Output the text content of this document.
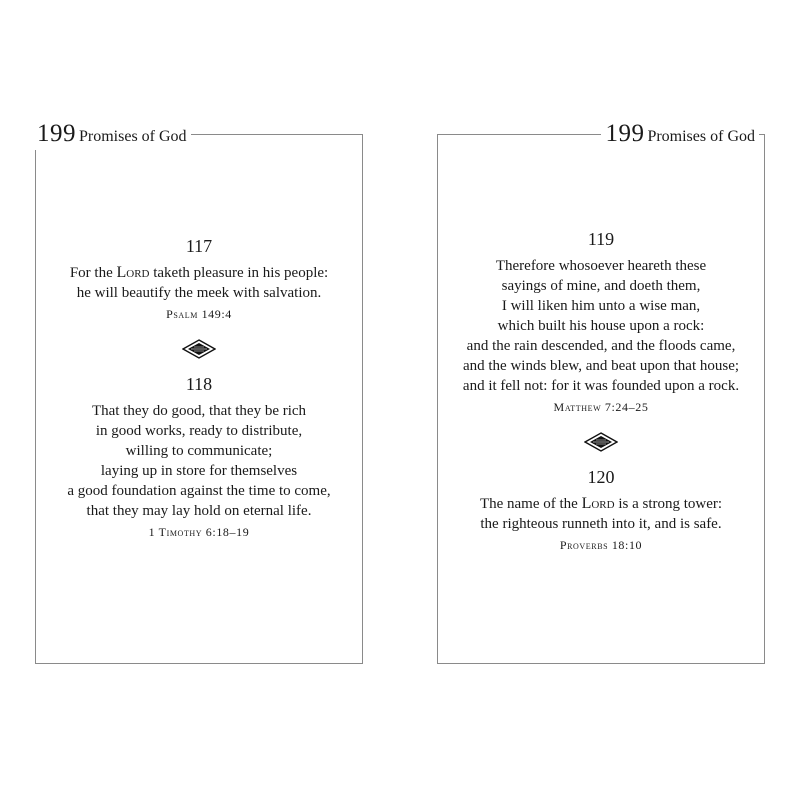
199 Promises of God
117
For the Lord taketh pleasure in his people:
he will beautify the meek with salvation.
Psalm 149:4
118
That they do good, that they be rich
in good works, ready to distribute,
willing to communicate;
laying up in store for themselves
a good foundation against the time to come,
that they may lay hold on eternal life.
1 Timothy 6:18–19
199 Promises of God
119
Therefore whosoever heareth these
sayings of mine, and doeth them,
I will liken him unto a wise man,
which built his house upon a rock:
and the rain descended, and the floods came,
and the winds blew, and beat upon that house;
and it fell not: for it was founded upon a rock.
Matthew 7:24–25
120
The name of the Lord is a strong tower:
the righteous runneth into it, and is safe.
Proverbs 18:10
